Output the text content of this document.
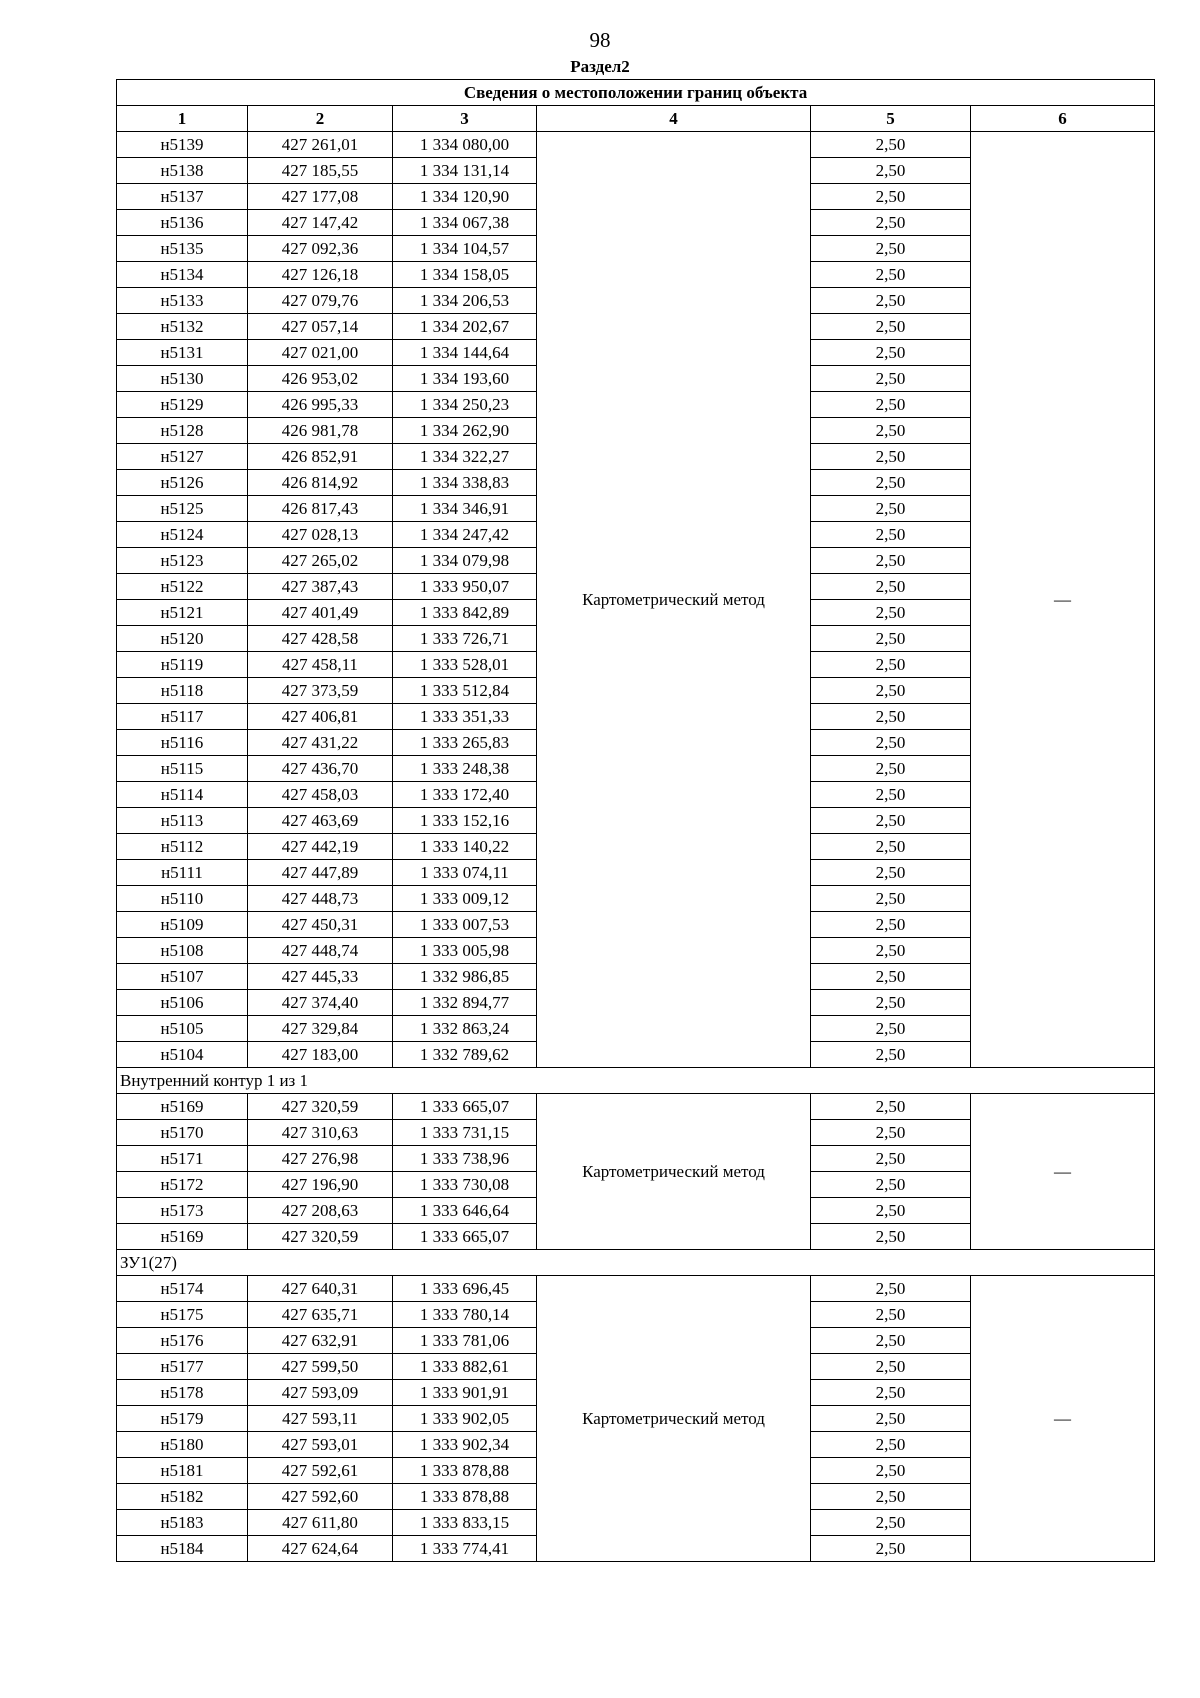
98
Раздел2
Сведения о местоположении границ объекта					
1	2	3	4	5	6
н5139	427 261,01	1 334 080,00	Картометрический метод	2,50	—
н5138	427 185,55	1 334 131,14		2,50	
н5137	427 177,08	1 334 120,90		2,50	
н5136	427 147,42	1 334 067,38		2,50	
н5135	427 092,36	1 334 104,57		2,50	
н5134	427 126,18	1 334 158,05		2,50	
н5133	427 079,76	1 334 206,53		2,50	
н5132	427 057,14	1 334 202,67		2,50	
н5131	427 021,00	1 334 144,64		2,50	
н5130	426 953,02	1 334 193,60		2,50	
н5129	426 995,33	1 334 250,23		2,50	
н5128	426 981,78	1 334 262,90		2,50	
н5127	426 852,91	1 334 322,27		2,50	
н5126	426 814,92	1 334 338,83		2,50	
н5125	426 817,43	1 334 346,91		2,50	
н5124	427 028,13	1 334 247,42		2,50	
н5123	427 265,02	1 334 079,98		2,50	
н5122	427 387,43	1 333 950,07		2,50	
н5121	427 401,49	1 333 842,89		2,50	
н5120	427 428,58	1 333 726,71		2,50	
н5119	427 458,11	1 333 528,01		2,50	
н5118	427 373,59	1 333 512,84		2,50	
н5117	427 406,81	1 333 351,33		2,50	
н5116	427 431,22	1 333 265,83		2,50	
н5115	427 436,70	1 333 248,38		2,50	
н5114	427 458,03	1 333 172,40		2,50	
н5113	427 463,69	1 333 152,16		2,50	
н5112	427 442,19	1 333 140,22		2,50	
н5111	427 447,89	1 333 074,11		2,50	
н5110	427 448,73	1 333 009,12		2,50	
н5109	427 450,31	1 333 007,53		2,50	
н5108	427 448,74	1 333 005,98		2,50	
н5107	427 445,33	1 332 986,85		2,50	
н5106	427 374,40	1 332 894,77		2,50	
н5105	427 329,84	1 332 863,24		2,50	
н5104	427 183,00	1 332 789,62		2,50	
Внутренний контур 1 из 1					
н5169	427 320,59	1 333 665,07	Картометрический метод	2,50	—
н5170	427 310,63	1 333 731,15		2,50	
н5171	427 276,98	1 333 738,96		2,50	
н5172	427 196,90	1 333 730,08		2,50	
н5173	427 208,63	1 333 646,64		2,50	
н5169	427 320,59	1 333 665,07		2,50	
ЗУ1(27)					
н5174	427 640,31	1 333 696,45	Картометрический метод	2,50	—
н5175	427 635,71	1 333 780,14		2,50	
н5176	427 632,91	1 333 781,06		2,50	
н5177	427 599,50	1 333 882,61		2,50	
н5178	427 593,09	1 333 901,91		2,50	
н5179	427 593,11	1 333 902,05		2,50	
н5180	427 593,01	1 333 902,34		2,50	
н5181	427 592,61	1 333 878,88		2,50	
н5182	427 592,60	1 333 878,88		2,50	
н5183	427 611,80	1 333 833,15		2,50	
н5184	427 624,64	1 333 774,41		2,50	
